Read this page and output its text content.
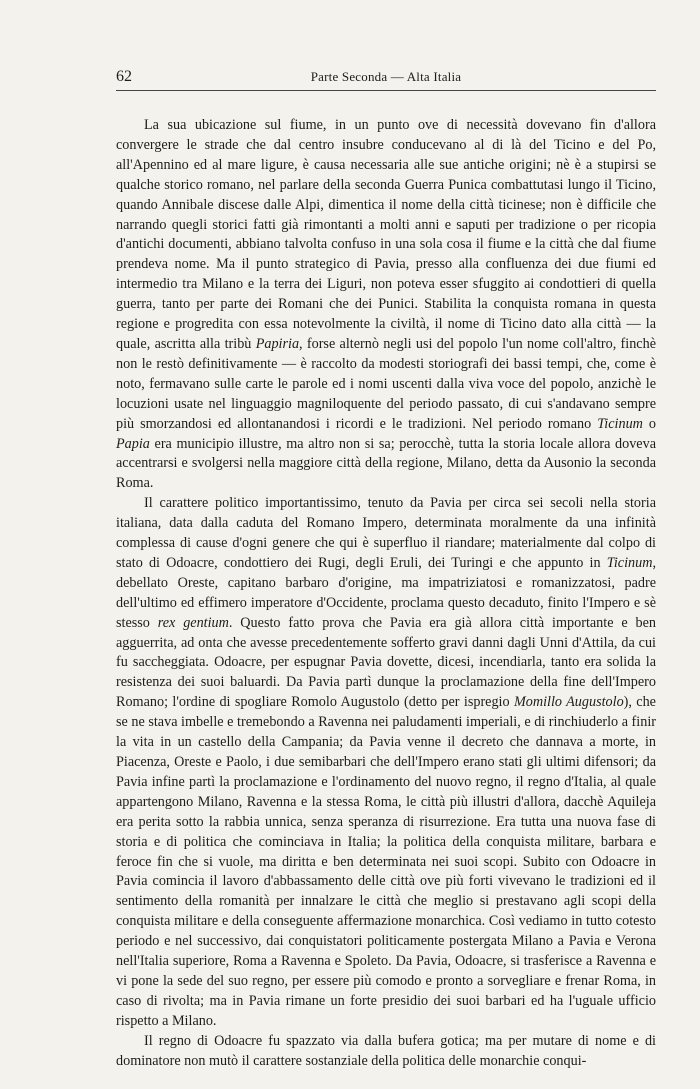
62	Parte Seconda — Alta Italia

La sua ubicazione sul fiume, in un punto ove di necessità dovevano fin d'allora convergere le strade che dal centro insubre conducevano al di là del Ticino e del Po, all'Apennino ed al mare ligure, è causa necessaria alle sue antiche origini; nè è a stupirsi se qualche storico romano, nel parlare della seconda Guerra Punica combattutasi lungo il Ticino, quando Annibale discese dalle Alpi, dimentica il nome della città ticinese; non è difficile che narrando quegli storici fatti già rimontanti a molti anni e saputi per tradizione o per ricopia d'antichi documenti, abbiano talvolta confuso in una sola cosa il fiume e la città che dal fiume prendeva nome. Ma il punto strategico di Pavia, presso alla confluenza dei due fiumi ed intermedio tra Milano e la terra dei Liguri, non poteva esser sfuggito ai condottieri di quella guerra, tanto per parte dei Romani che dei Punici. Stabilita la conquista romana in questa regione e progredita con essa notevolmente la civiltà, il nome di Ticino dato alla città — la quale, ascritta alla tribù Papiria, forse alternò negli usi del popolo l'un nome coll'altro, finchè non le restò definitivamente — è raccolto da modesti storiografi dei bassi tempi, che, come è noto, fermavano sulle carte le parole ed i nomi uscenti dalla viva voce del popolo, anzichè le locuzioni usate nel linguaggio magniloquente del periodo passato, di cui s'andavano sempre più smorzandosi ed allontanandosi i ricordi e le tradizioni. Nel periodo romano Ticinum o Papia era municipio illustre, ma altro non si sa; perocchè, tutta la storia locale allora doveva accentrarsi e svolgersi nella maggiore città della regione, Milano, detta da Ausonio la seconda Roma.

Il carattere politico importantissimo, tenuto da Pavia per circa sei secoli nella storia italiana, data dalla caduta del Romano Impero, determinata moralmente da una infinità complessa di cause d'ogni genere che qui è superfluo il riandare; materialmente dal colpo di stato di Odoacre, condottiero dei Rugi, degli Eruli, dei Turingi e che appunto in Ticinum, debellato Oreste, capitano barbaro d'origine, ma impatriziatosi e romanizzatosi, padre dell'ultimo ed effimero imperatore d'Occidente, proclama questo decaduto, finito l'Impero e sè stesso rex gentium. Questo fatto prova che Pavia era già allora città importante e ben agguerrita, ad onta che avesse precedentemente sofferto gravi danni dagli Unni d'Attila, da cui fu saccheggiata. Odoacre, per espugnar Pavia dovette, dicesi, incendiarla, tanto era solida la resistenza dei suoi baluardi. Da Pavia partì dunque la proclamazione della fine dell'Impero Romano; l'ordine di spogliare Romolo Augustolo (detto per ispregio Momillo Augustolo), che se ne stava imbelle e tremebondo a Ravenna nei paludamenti imperiali, e di rinchiuderlo a finir la vita in un castello della Campania; da Pavia venne il decreto che dannava a morte, in Piacenza, Oreste e Paolo, i due semibarbari che dell'Impero erano stati gli ultimi difensori; da Pavia infine partì la proclamazione e l'ordinamento del nuovo regno, il regno d'Italia, al quale appartengono Milano, Ravenna e la stessa Roma, le città più illustri d'allora, dacchè Aquileja era perita sotto la rabbia unnica, senza speranza di risurrezione. Era tutta una nuova fase di storia e di politica che cominciava in Italia; la politica della conquista militare, barbara e feroce fin che si vuole, ma diritta e ben determinata nei suoi scopi. Subito con Odoacre in Pavia comincia il lavoro d'abbassamento delle città ove più forti vivevano le tradizioni ed il sentimento della romanità per innalzare le città che meglio si prestavano agli scopi della conquista militare e della conseguente affermazione monarchica. Così vediamo in tutto cotesto periodo e nel successivo, dai conquistatori politicamente postergata Milano a Pavia e Verona nell'Italia superiore, Roma a Ravenna e Spoleto. Da Pavia, Odoacre, si trasferisce a Ravenna e vi pone la sede del suo regno, per essere più comodo e pronto a sorvegliare e frenar Roma, in caso di rivolta; ma in Pavia rimane un forte presidio dei suoi barbari ed ha l'uguale ufficio rispetto a Milano.

Il regno di Odoacre fu spazzato via dalla bufera gotica; ma per mutare di nome e di dominatore non mutò il carattere sostanziale della politica delle monarchie conqui-
